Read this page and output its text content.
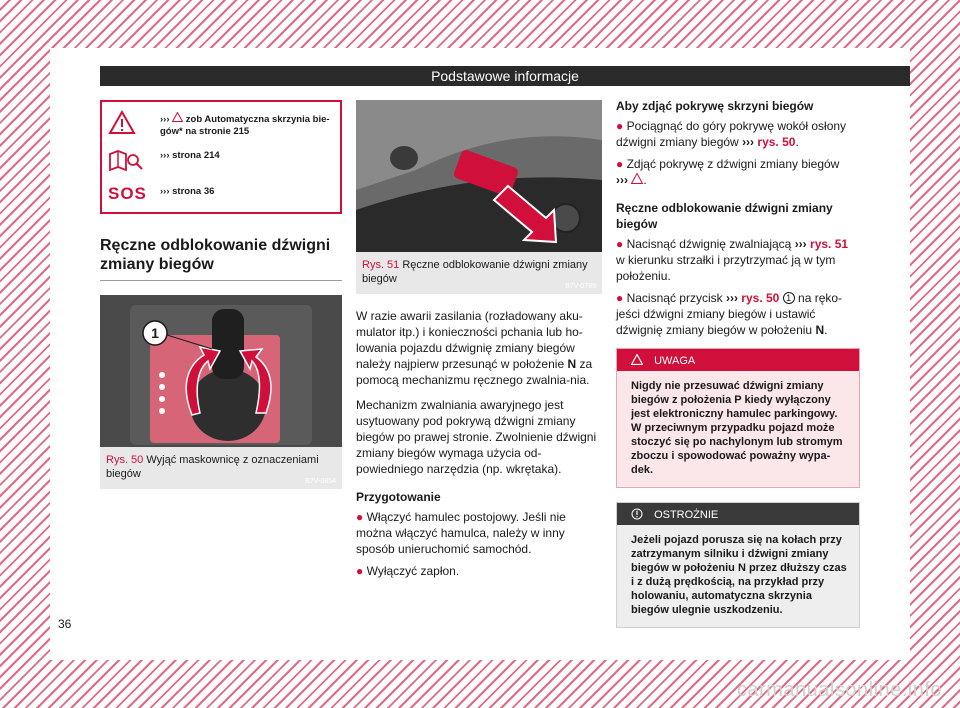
Podstawowe informacje
››› zob Automatyczna skrzynia bie-gów* na stronie 215
››› strona 214
SOS	››› strona 36
Ręczne odblokowanie dźwigni zmiany biegów
1
B7V-0854
Rys. 50 Wyjąć maskownicę z oznaczeniami biegów
B7V-0789
Rys. 51 Ręczne odblokowanie dźwigni zmiany biegów

W razie awarii zasilania (rozładowany aku-mulator itp.) i konieczności pchania lub ho-lowania pojazdu dźwignię zmiany biegów należy najpierw przesunąć w położenie N za pomocą mechanizmu ręcznego zwalnia-nia.

Mechanizm zwalniania awaryjnego jest usytuowany pod pokrywą dźwigni zmiany biegów po prawej stronie. Zwolnienie dźwigni zmiany biegów wymaga użycia od-powiedniego narzędzia (np. wkrętaka).

Przygotowanie
● Włączyć hamulec postojowy. Jeśli nie można włączyć hamulca, należy w inny sposób unieruchomić samochód.
● Wyłączyć zapłon.
Aby zdjąć pokrywę skrzyni biegów
● Pociągnąć do góry pokrywę wokół osłony dźwigni zmiany biegów ››› rys. 50.
● Zdjąć pokrywę z dźwigni zmiany biegów
››› .
Ręczne odblokowanie dźwigni zmiany biegów
● Nacisnąć dźwignię zwalniającą ››› rys. 51 w kierunku strzałki i przytrzymać ją w tym położeniu.
● Nacisnąć przycisk ››› rys. 50 1 na ręko-jeści dźwigni zmiany biegów i ustawić dźwignię zmiany biegów w położeniu N.
UWAGA
Nigdy nie przesuwać dźwigni zmiany biegów z położenia P kiedy wyłączony jest elektroniczny hamulec parkingowy. W przeciwnym przypadku pojazd może stoczyć się po nachylonym lub stromym zboczu i spowodować poważny wypa-dek.
OSTROŻNIE
Jeżeli pojazd porusza się na kołach przy zatrzymanym silniku i dźwigni zmiany biegów w położeniu N przez dłuższy czas i z dużą prędkością, na przykład przy holowaniu, automatyczna skrzynia biegów ulegnie uszkodzeniu.
36
carmanualsonline.info
